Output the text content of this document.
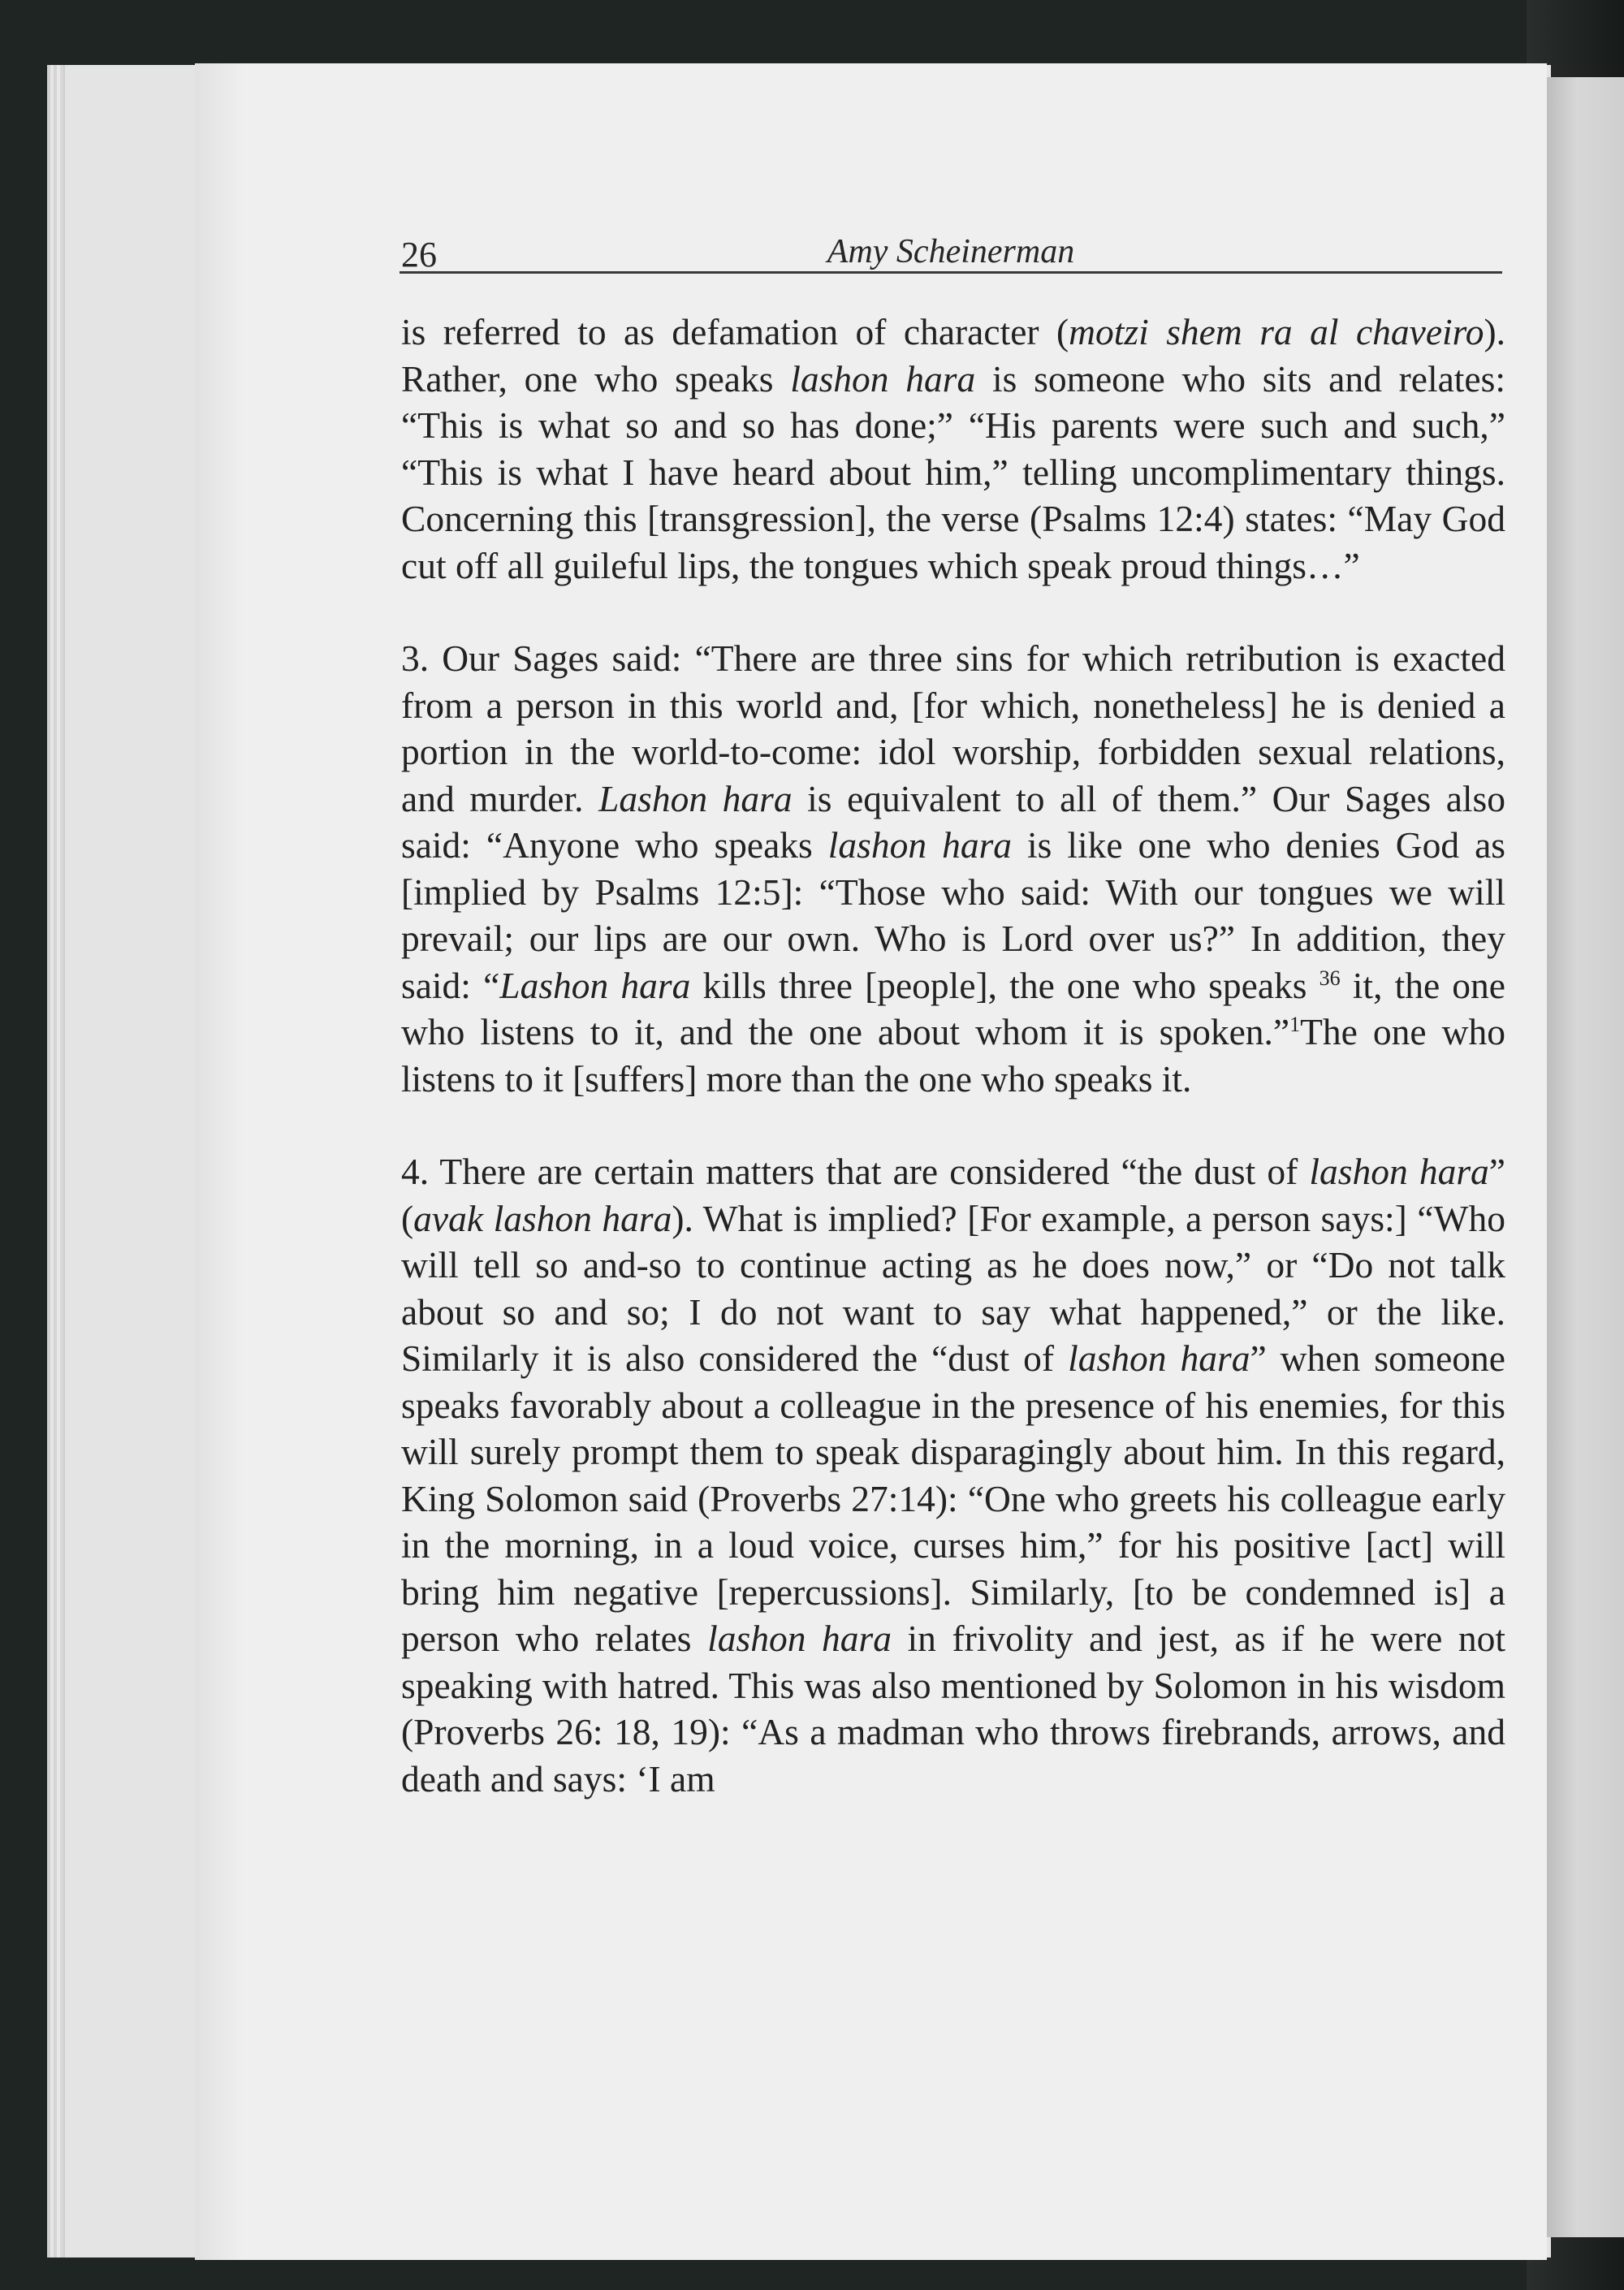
26	Amy Scheinerman

is referred to as defamation of character (motzi shem ra al chaveiro). Rather, one who speaks lashon hara is someone who sits and relates: “This is what so and so has done;” “His parents were such and such,” “This is what I have heard about him,” telling uncomplimentary things. Concerning this [transgression], the verse (Psalms 12:4) states: “May God cut off all guileful lips, the tongues which speak proud things…”

3. Our Sages said: “There are three sins for which retribution is exacted from a person in this world and, [for which, nonetheless] he is denied a portion in the world-to-come: idol worship, forbidden sexual relations, and murder. Lashon hara is equivalent to all of them.” Our Sages also said: “Anyone who speaks lashon hara is like one who denies God as [implied by Psalms 12:5]: “Those who said: With our tongues we will prevail; our lips are our own. Who is Lord over us?” In addition, they said: “Lashon hara kills three [people], the one who speaks $^{36}$ it, the one who listens to it, and the one about whom it is spoken.”$^1$The one who listens to it [suffers] more than the one who speaks it.

4. There are certain matters that are considered “the dust of lashon hara” (avak lashon hara). What is implied? [For example, a person says:] “Who will tell so and-so to continue acting as he does now,” or “Do not talk about so and so; I do not want to say what happened,” or the like. Similarly it is also considered the “dust of lashon hara” when someone speaks favorably about a colleague in the presence of his enemies, for this will surely prompt them to speak disparagingly about him. In this regard, King Solomon said (Proverbs 27:14): “One who greets his colleague early in the morning, in a loud voice, curses him,” for his positive [act] will bring him negative [repercussions]. Similarly, [to be condemned is] a person who relates lashon hara in frivolity and jest, as if he were not speaking with hatred. This was also mentioned by Solomon in his wisdom (Proverbs 26: 18, 19): “As a madman who throws firebrands, arrows, and death and says: ‘I am
